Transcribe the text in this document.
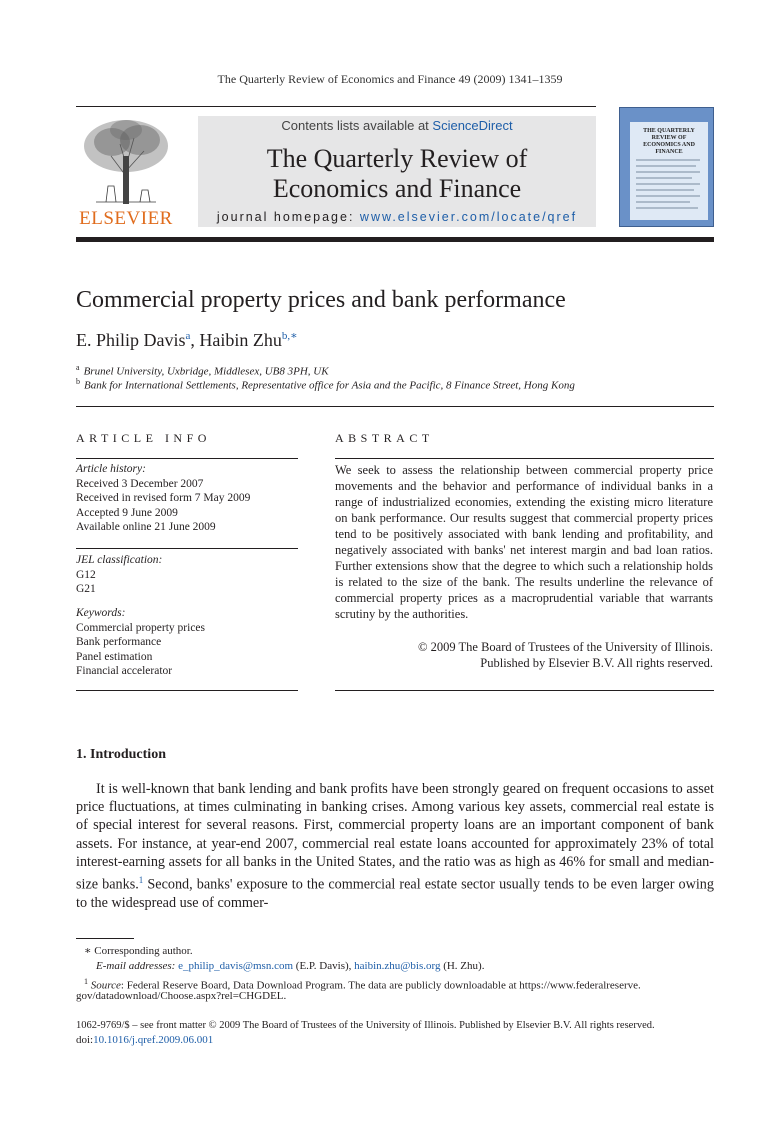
The Quarterly Review of Economics and Finance 49 (2009) 1341–1359
ELSEVIER
Contents lists available at ScienceDirect
The Quarterly Review of
Economics and Finance
journal homepage: www.elsevier.com/locate/qref
THE QUARTERLY REVIEW OF ECONOMICS AND FINANCE
Commercial property prices and bank performance
E. Philip Davis$^a$, Haibin Zhu$^{b,∗}$
$^a$ Brunel University, Uxbridge, Middlesex, UB8 3PH, UK
$^b$ Bank for International Settlements, Representative office for Asia and the Pacific, 8 Finance Street, Hong Kong
ARTICLE INFO
Article history:
Received 3 December 2007
Received in revised form 7 May 2009
Accepted 9 June 2009
Available online 21 June 2009
JEL classification:
G12
G21
Keywords:
Commercial property prices
Bank performance
Panel estimation
Financial accelerator
ABSTRACT
We seek to assess the relationship between commercial property price movements and the behavior and performance of individual banks in a range of industrialized economies, extending the existing micro literature on bank performance. Our results suggest that commercial property prices tend to be positively associated with bank lending and profitability, and negatively associated with banks' net interest margin and bad loan ratios. Further extensions show that the degree to which such a relationship holds is related to the size of the bank. The results underline the relevance of commercial property prices as a macroprudential variable that warrants scrutiny by the authorities.
© 2009 The Board of Trustees of the University of Illinois.
Published by Elsevier B.V. All rights reserved.
1. Introduction
It is well-known that bank lending and bank profits have been strongly geared on frequent occasions to asset price fluctuations, at times culminating in banking crises. Among various key assets, commercial real estate is of special interest for several reasons. First, commercial property loans are an important component of bank assets. For instance, at year-end 2007, commercial real estate loans accounted for approximately 23% of total interest-earning assets for all banks in the United States, and the ratio was as high as 46% for small and median-size banks.$^1$ Second, banks' exposure to the commercial real estate sector usually tends to be even larger owing to the widespread use of commer-
∗ Corresponding author.
E-mail addresses: e_philip_davis@msn.com (E.P. Davis), haibin.zhu@bis.org (H. Zhu).
$^1$ Source: Federal Reserve Board, Data Download Program. The data are publicly downloadable at https://www.federalreserve.
gov/datadownload/Choose.aspx?rel=CHGDEL.
1062-9769/$ – see front matter © 2009 The Board of Trustees of the University of Illinois. Published by Elsevier B.V. All rights reserved.
doi:10.1016/j.qref.2009.06.001
